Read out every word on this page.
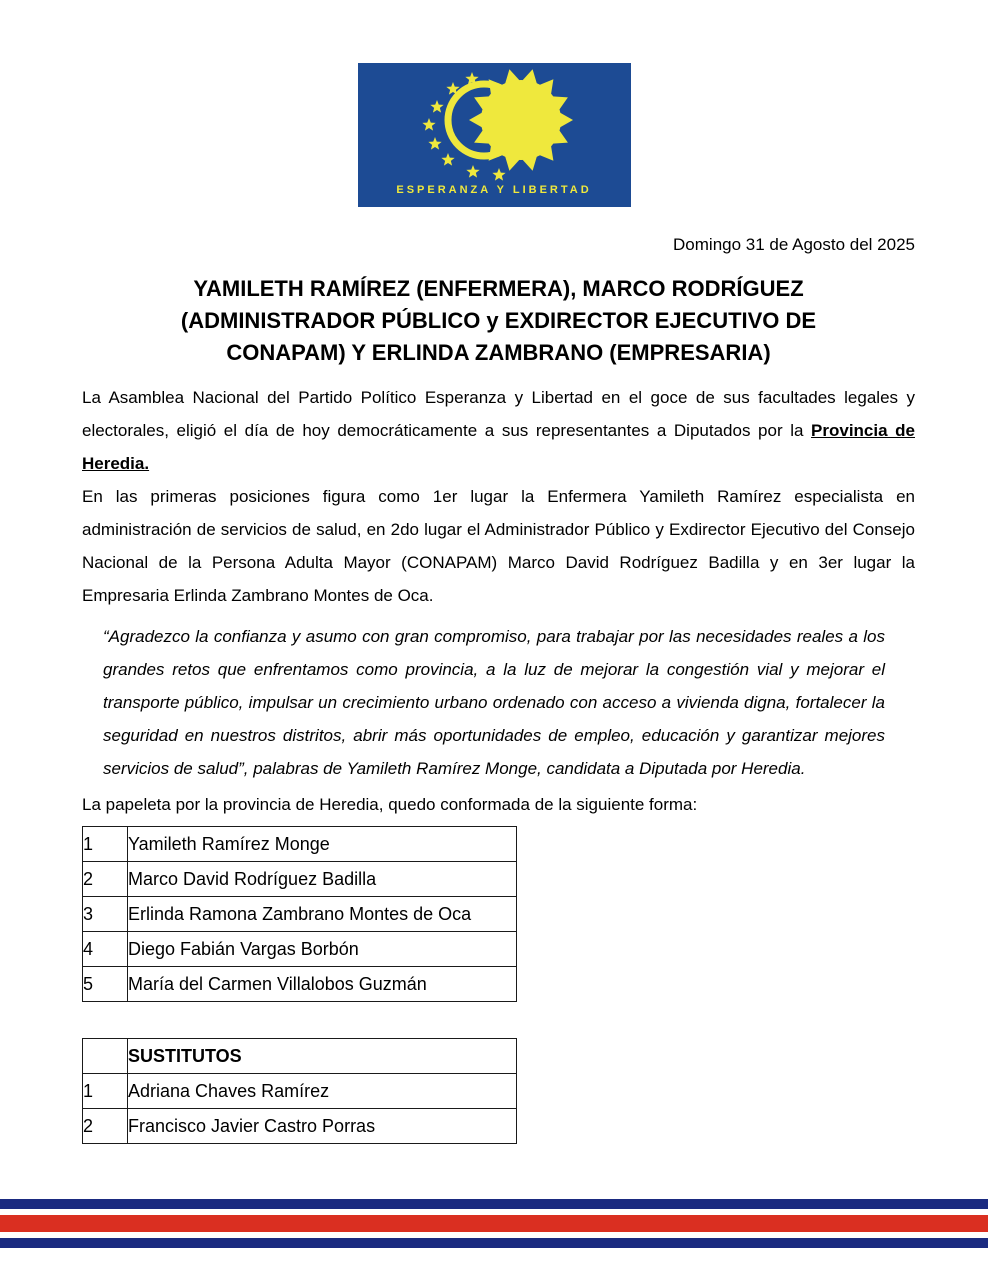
ESPERANZA Y LIBERTAD
Domingo 31 de Agosto del 2025
YAMILETH RAMÍREZ (ENFERMERA), MARCO RODRÍGUEZ
(ADMINISTRADOR PÚBLICO y EXDIRECTOR EJECUTIVO DE
CONAPAM) Y ERLINDA ZAMBRANO (EMPRESARIA)

La Asamblea Nacional del Partido Político Esperanza y Libertad en el goce de sus facultades legales y electorales, eligió el día de hoy democráticamente a sus representantes a Diputados por la Provincia de Heredia.

En las primeras posiciones figura como 1er lugar la Enfermera Yamileth Ramírez especialista en administración de servicios de salud, en 2do lugar el Administrador Público y Exdirector Ejecutivo del Consejo Nacional de la Persona Adulta Mayor (CONAPAM) Marco David Rodríguez Badilla y en 3er lugar la Empresaria Erlinda Zambrano Montes de Oca.

“Agradezco la confianza y asumo con gran compromiso, para trabajar por las necesidades reales a los grandes retos que enfrentamos como provincia, a la luz de mejorar la congestión vial y mejorar el transporte público, impulsar un crecimiento urbano ordenado con acceso a vivienda digna, fortalecer la seguridad en nuestros distritos, abrir más oportunidades de empleo, educación y garantizar mejores servicios de salud”, palabras de Yamileth Ramírez Monge, candidata a Diputada por Heredia.

La papeleta por la provincia de Heredia, quedo conformada de la siguiente forma:

1	Yamileth Ramírez Monge
2	Marco David Rodríguez Badilla
3	Erlinda Ramona Zambrano Montes de Oca
4	Diego Fabián Vargas Borbón
5	María del Carmen Villalobos Guzmán
	SUSTITUTOS
1	Adriana Chaves Ramírez
2	Francisco Javier Castro Porras
